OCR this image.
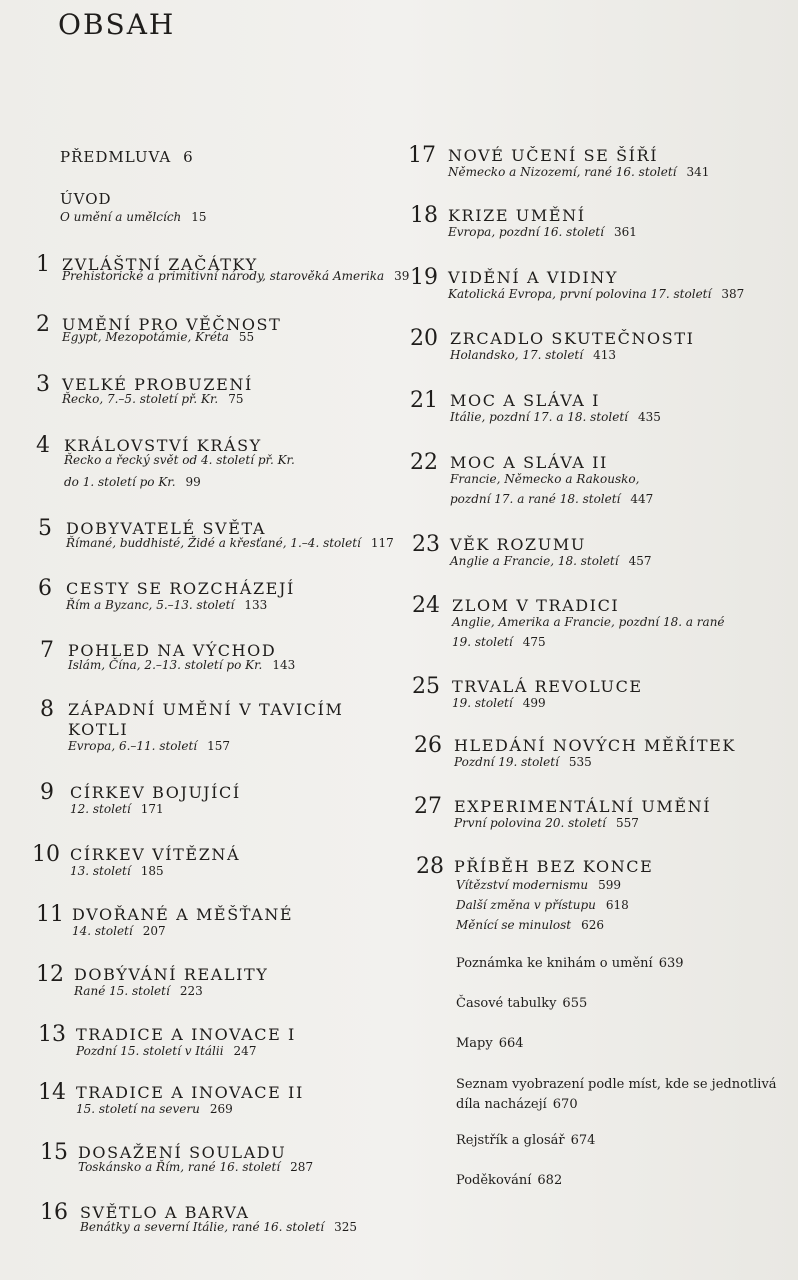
OBSAH
PŘEDMLUVA 6
ÚVOD
O umění a umělcích 15
1 ZVLÁŠTNÍ ZAČÁTKY
Prehistorické a primitivní národy, starověká Amerika 39
2 UMĚNÍ PRO VĚČNOST
Egypt, Mezopotámie, Kréta 55
3 VELKÉ PROBUZENÍ
Řecko, 7.–5. století př. Kr. 75
4 KRÁLOVSTVÍ KRÁSY
Řecko a řecký svět od 4. století př. Kr.
do 1. století po Kr. 99
5 DOBYVATELÉ SVĚTA
Římané, buddhisté, Židé a křesťané, 1.–4. století 117
6 CESTY SE ROZCHÁZEJÍ
Řím a Byzanc, 5.–13. století 133
7 POHLED NA VÝCHOD
Islám, Čína, 2.–13. století po Kr. 143
8 ZÁPADNÍ UMĚNÍ V TAVICÍM
KOTLI
Evropa, 6.–11. století 157
9	CÍRKEV BOJUJÍCÍ
12. století 171
10 CÍRKEV VÍTĚZNÁ
13. století 185
11 DVOŘANÉ A MĚŠŤANÉ
14. století 207
12 DOBÝVÁNÍ REALITY
Rané 15. století 223
13 TRADICE A INOVACE I
Pozdní 15. století v Itálii 247
14 TRADICE A INOVACE II
15. století na severu 269
15 DOSAŽENÍ SOULADU
Toskánsko a Řím, rané 16. století 287
16 SVĚTLO A BARVA
Benátky a severní Itálie, rané 16. století 325
17 NOVÉ UČENÍ SE ŠÍŘÍ
Německo a Nizozemí, rané 16. století 341
18 KRIZE UMĚNÍ
Evropa, pozdní 16. století 361
19 VIDĚNÍ A VIDINY
Katolická Evropa, první polovina 17. století 387
20 ZRCADLO SKUTEČNOSTI
Holandsko, 17. století 413
21 MOC A SLÁVA I
Itálie, pozdní 17. a 18. století 435
22 MOC A SLÁVA II
Francie, Německo a Rakousko,
pozdní 17. a rané 18. století 447
23 VĚK ROZUMU
Anglie a Francie, 18. století 457
24 ZLOM V TRADICI
Anglie, Amerika a Francie, pozdní 18. a rané
19. století 475
25 TRVALÁ REVOLUCE
19. století 499
26 HLEDÁNÍ NOVÝCH MĚŘÍTEK
Pozdní 19. století 535
27 EXPERIMENTÁLNÍ UMĚNÍ
První polovina 20. století 557
28 PŘÍBĚH BEZ KONCE
Vítězství modernismu 599
Další změna v přístupu 618
Měnící se minulost 626
Poznámka ke knihám o umění 639
Časové tabulky 655
Mapy 664
Seznam vyobrazení podle míst, kde se jednotlivá
díla nacházejí 670
Rejstřík a glosář 674
Poděkování 682
